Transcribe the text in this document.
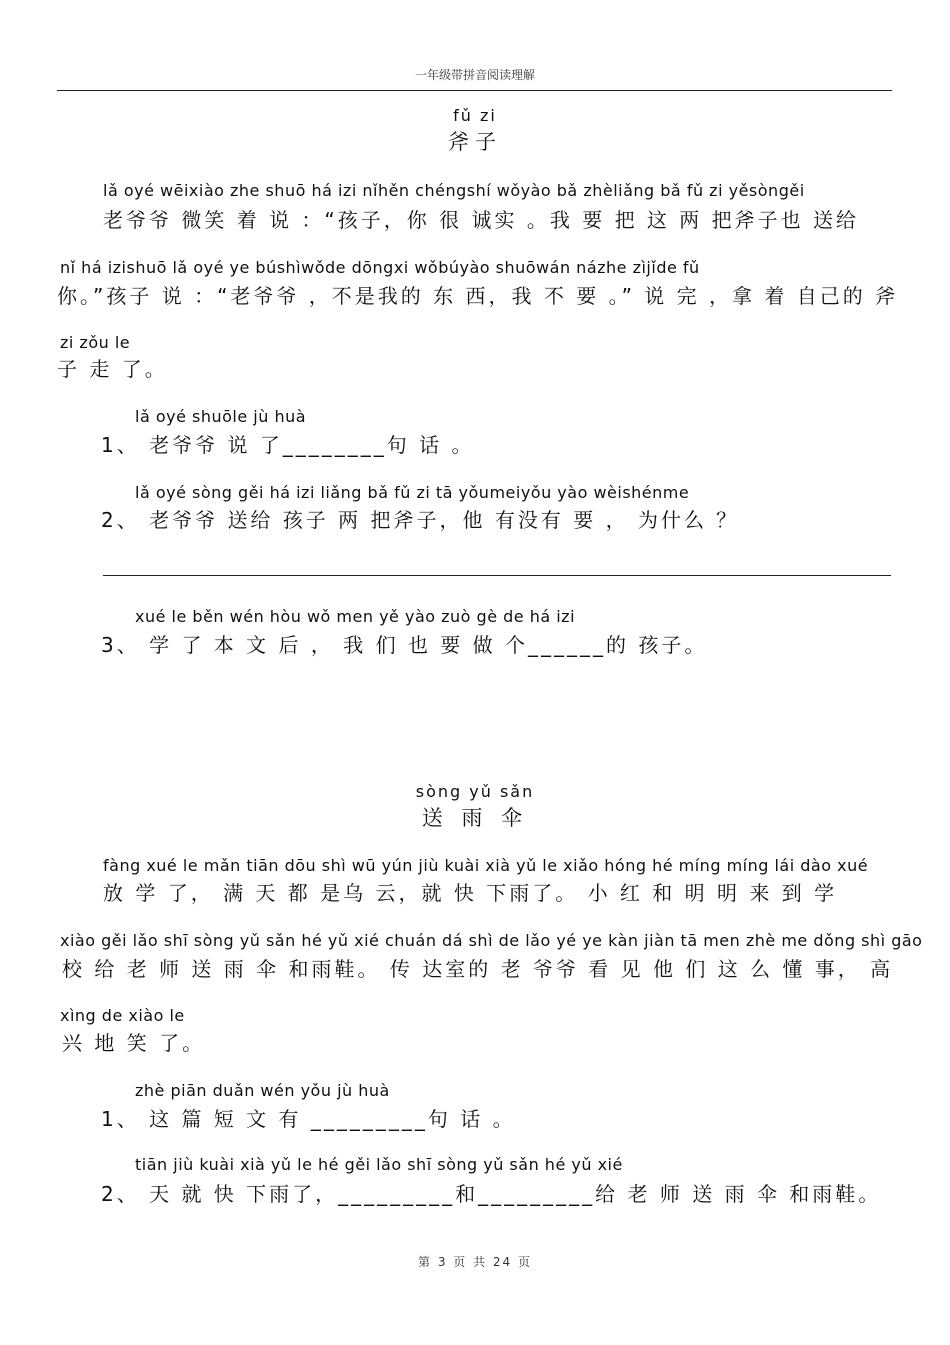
一年级带拼音阅读理解
fǔ zi
斧子
lǎ oyé wēixiào zhe shuō há izi nǐhěn chéngshí wǒyào bǎ zhèliǎng bǎ fǔ zi yěsòngěi
老爷爷 微笑 着 说 ：“孩子，你 很 诚实 。我 要 把 这 两 把斧子也 送给
nǐ há izishuō lǎ oyé ye búshìwǒde dōngxi wǒbúyào shuōwán názhe zìjǐde fǔ
你。”孩子 说 ：“老爷爷 ，不是我的 东 西，我 不 要 。” 说 完 ，拿 着 自己的 斧
zi zǒu le
子 走 了。
lǎ oyé shuōle jù huà
1、 老爷爷 说 了________句 话 。
lǎ oyé sòng gěi há izi liǎng bǎ fǔ zi tā yǒumeiyǒu yào wèishénme
2、 老爷爷 送给 孩子 两 把斧子，他 有没有 要 ， 为什么 ？
xué le běn wén hòu wǒ men yě yào zuò gè de há izi
3、 学 了 本 文 后 ， 我 们 也 要 做 个______的 孩子。
sòng yǔ sǎn
送 雨 伞
fàng xué le mǎn tiān dōu shì wū yún jiù kuài xià yǔ le xiǎo hóng hé míng míng lái dào xué
放 学 了， 满 天 都 是乌 云，就 快 下雨了。 小 红 和 明 明 来 到 学
xiào gěi lǎo shī sòng yǔ sǎn hé yǔ xié chuán dá shì de lǎo yé ye kàn jiàn tā men zhè me dǒng shì gāo
校 给 老 师 送 雨 伞 和雨鞋。 传 达室的 老 爷爷 看 见 他 们 这 么 懂 事， 高
xìng de xiào le
兴 地 笑 了。
zhè piān duǎn wén yǒu jù huà
1、 这 篇 短 文 有 _________句 话 。
tiān jiù kuài xià yǔ le hé gěi lǎo shī sòng yǔ sǎn hé yǔ xié
2、 天 就 快 下雨了，_________和_________给 老 师 送 雨 伞 和雨鞋。
第 3 页 共 24 页
